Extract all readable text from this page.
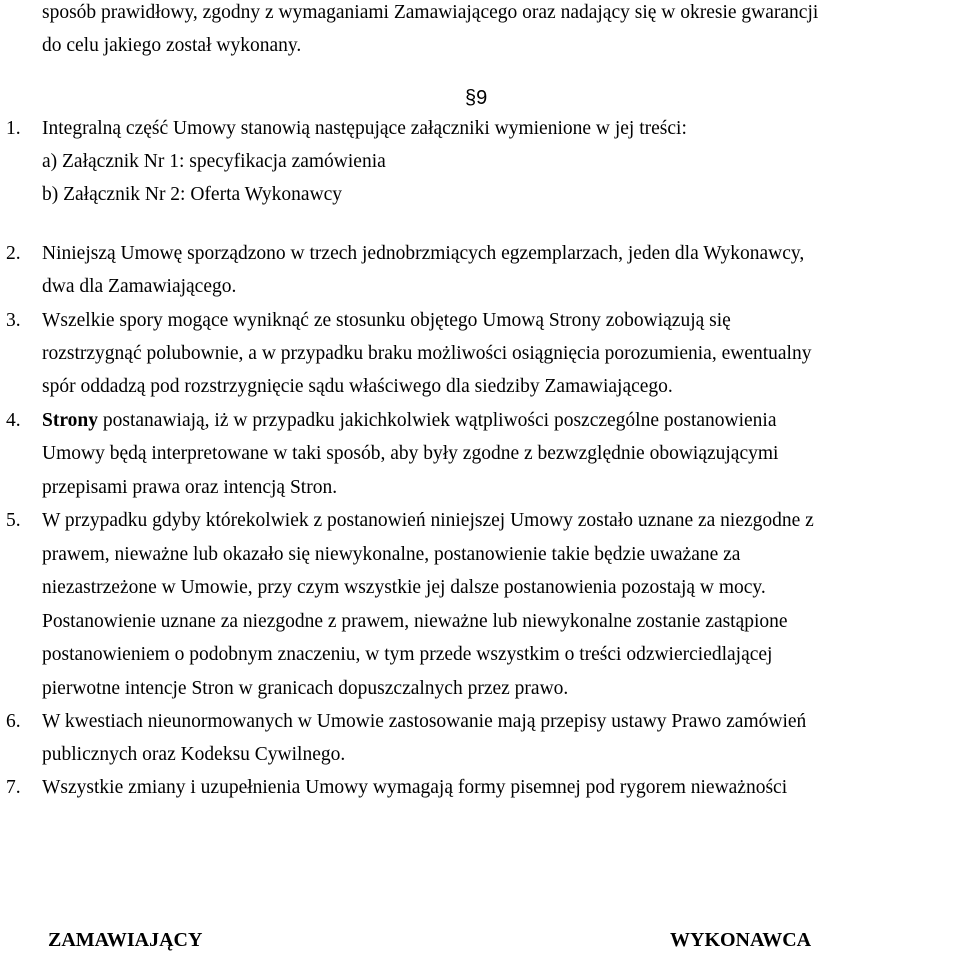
sposób prawidłowy, zgodny z wymaganiami Zamawiającego oraz nadający się w okresie gwarancji
do celu jakiego został wykonany.
§9
1. Integralną część Umowy stanowią następujące załączniki wymienione w jej treści:
a) Załącznik Nr 1: specyfikacja zamówienia
b) Załącznik Nr 2: Oferta Wykonawcy
2. Niniejszą Umowę sporządzono w trzech jednobrzmiących egzemplarzach, jeden dla Wykonawcy,
dwa dla Zamawiającego.
3. Wszelkie spory mogące wyniknąć ze stosunku objętego Umową Strony zobowiązują się
rozstrzygnąć polubownie, a w przypadku braku możliwości osiągnięcia porozumienia, ewentualny
spór oddadzą pod rozstrzygnięcie sądu właściwego dla siedziby Zamawiającego.
4. Strony postanawiają, iż w przypadku jakichkolwiek wątpliwości poszczególne postanowienia
Umowy będą interpretowane w taki sposób, aby były zgodne z bezwzględnie obowiązującymi
przepisami prawa oraz intencją Stron.
5. W przypadku gdyby którekolwiek z postanowień niniejszej Umowy zostało uznane za niezgodne z
prawem, nieważne lub okazało się niewykonalne, postanowienie takie będzie uważane za
niezastrzeżone w Umowie, przy czym wszystkie jej dalsze postanowienia pozostają w mocy.
Postanowienie uznane za niezgodne z prawem, nieważne lub niewykonalne zostanie zastąpione
postanowieniem o podobnym znaczeniu, w tym przede wszystkim o treści odzwierciedlającej
pierwotne intencje Stron w granicach dopuszczalnych przez prawo.
6. W kwestiach nieunormowanych w Umowie zastosowanie mają przepisy ustawy Prawo zamówień
publicznych oraz Kodeksu Cywilnego.
7. Wszystkie zmiany i uzupełnienia Umowy wymagają formy pisemnej pod rygorem nieważności
ZAMAWIAJĄCY	WYKONAWCA
